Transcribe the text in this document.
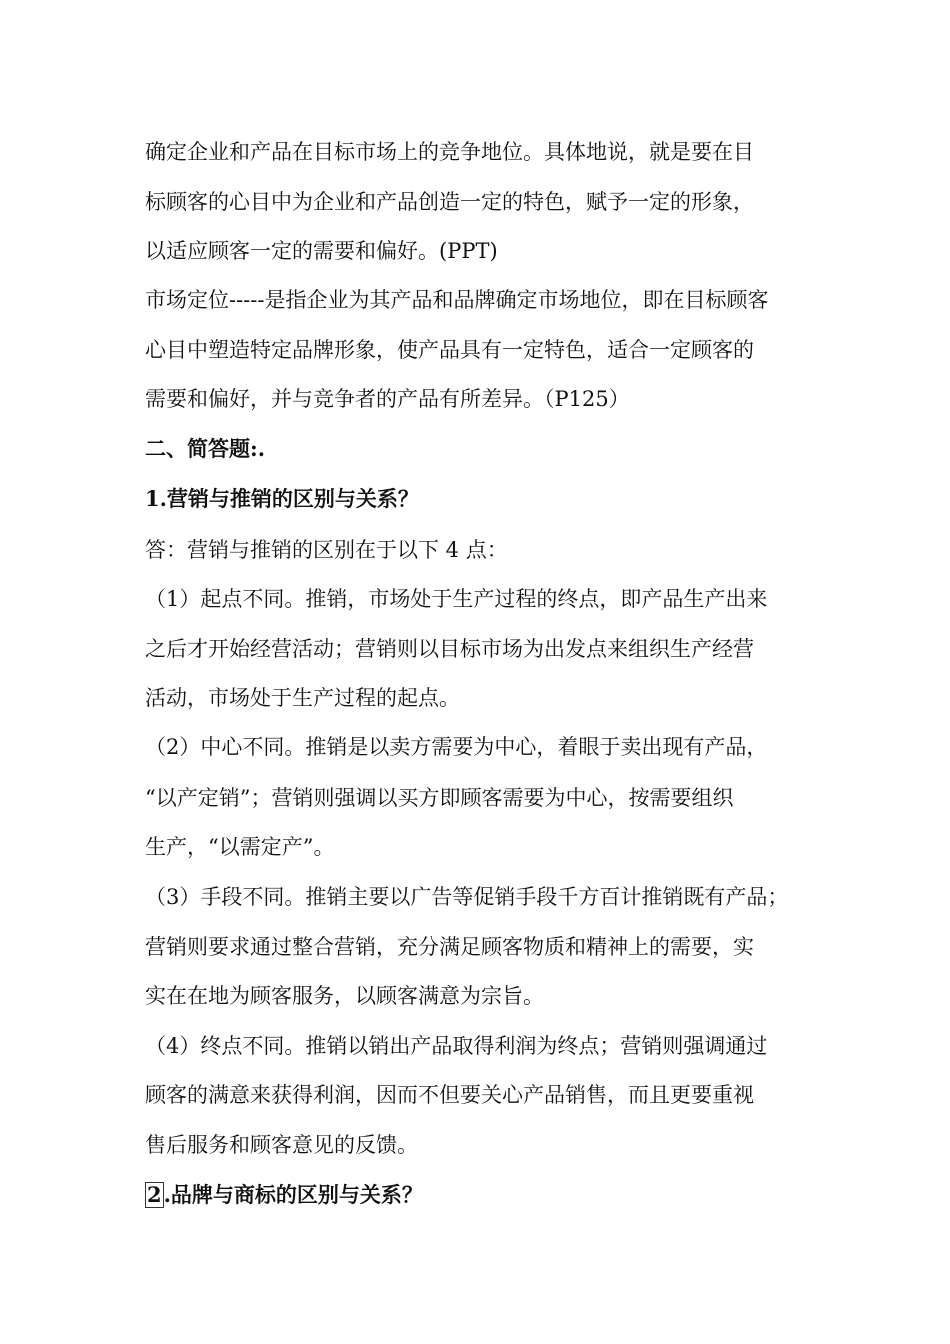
确定企业和产品在目标市场上的竞争地位。具体地说，就是要在目
标顾客的心目中为企业和产品创造一定的特色，赋予一定的形象，
以适应顾客一定的需要和偏好。(PPT)
市场定位-----是指企业为其产品和品牌确定市场地位，即在目标顾客
心目中塑造特定品牌形象，使产品具有一定特色，适合一定顾客的
需要和偏好，并与竞争者的产品有所差异。（P125）
二、简答题:.
1.营销与推销的区别与关系？
答：营销与推销的区别在于以下 4 点：
（1）起点不同。推销，市场处于生产过程的终点，即产品生产出来
之后才开始经营活动；营销则以目标市场为出发点来组织生产经营
活动，市场处于生产过程的起点。
（2）中心不同。推销是以卖方需要为中心，着眼于卖出现有产品，
“以产定销”；营销则强调以买方即顾客需要为中心，按需要组织
生产，“以需定产”。
（3）手段不同。推销主要以广告等促销手段千方百计推销既有产品；
营销则要求通过整合营销，充分满足顾客物质和精神上的需要，实
实在在地为顾客服务，以顾客满意为宗旨。
（4）终点不同。推销以销出产品取得利润为终点；营销则强调通过
顾客的满意来获得利润，因而不但要关心产品销售，而且更要重视
售后服务和顾客意见的反馈。
2.品牌与商标的区别与关系？
